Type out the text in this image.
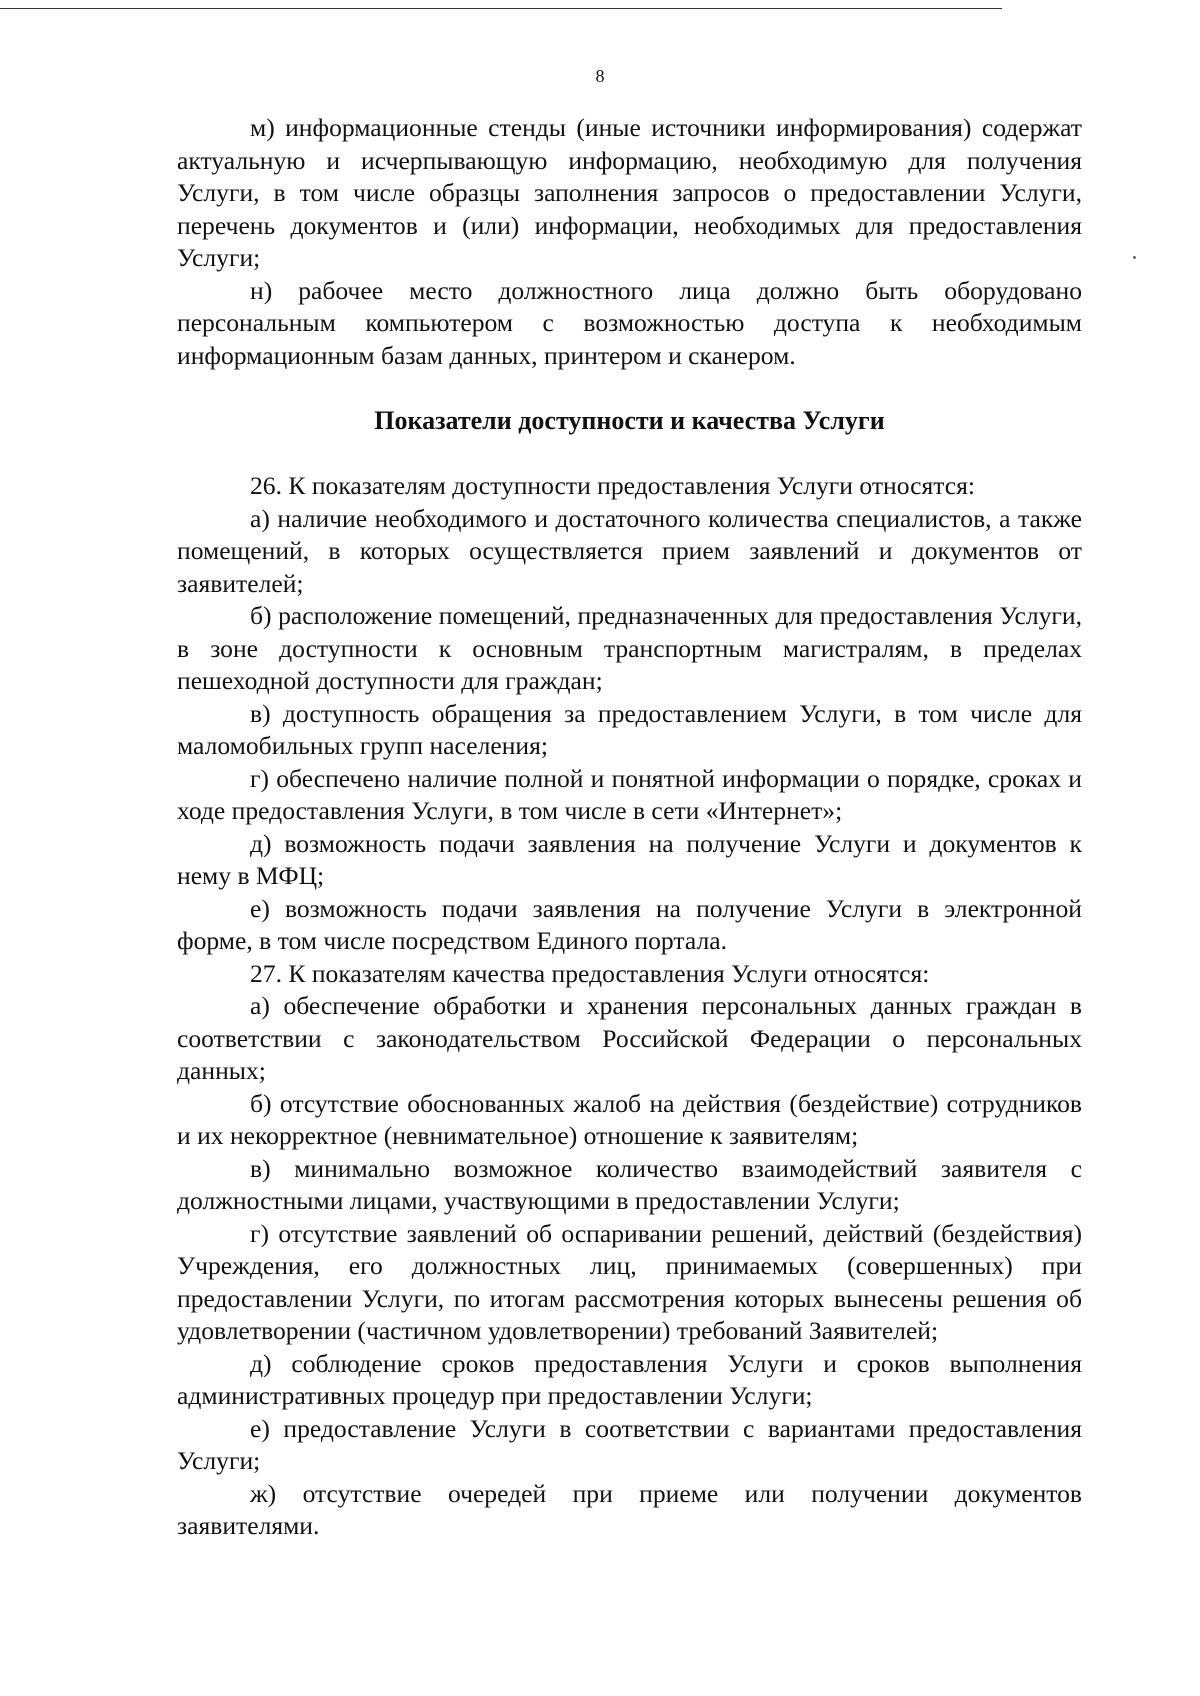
8

м) информационные стенды (иные источники информирования) содержат актуальную и исчерпывающую информацию, необходимую для получения Услуги, в том числе образцы заполнения запросов о предоставлении Услуги, перечень документов и (или) информации, необходимых для предоставления Услуги;

н) рабочее место должностного лица должно быть оборудовано персональным компьютером с возможностью доступа к необходимым информационным базам данных, принтером и сканером.

Показатели доступности и качества Услуги

26. К показателям доступности предоставления Услуги относятся:

а) наличие необходимого и достаточного количества специалистов, а также помещений, в которых осуществляется прием заявлений и документов от заявителей;

б) расположение помещений, предназначенных для предоставления Услуги, в зоне доступности к основным транспортным магистралям, в пределах пешеходной доступности для граждан;

в) доступность обращения за предоставлением Услуги, в том числе для маломобильных групп населения;

г) обеспечено наличие полной и понятной информации о порядке, сроках и ходе предоставления Услуги, в том числе в сети «Интернет»;

д) возможность подачи заявления на получение Услуги и документов к нему в МФЦ;

е) возможность подачи заявления на получение Услуги в электронной форме, в том числе посредством Единого портала.

27. К показателям качества предоставления Услуги относятся:

а) обеспечение обработки и хранения персональных данных граждан в соответствии с законодательством Российской Федерации о персональных данных;

б) отсутствие обоснованных жалоб на действия (бездействие) сотрудников и их некорректное (невнимательное) отношение к заявителям;

в) минимально возможное количество взаимодействий заявителя с должностными лицами, участвующими в предоставлении Услуги;

г) отсутствие заявлений об оспаривании решений, действий (бездействия) Учреждения, его должностных лиц, принимаемых (совершенных) при предоставлении Услуги, по итогам рассмотрения которых вынесены решения об удовлетворении (частичном удовлетворении) требований Заявителей;

д) соблюдение сроков предоставления Услуги и сроков выполнения административных процедур при предоставлении Услуги;

е) предоставление Услуги в соответствии с вариантами предоставления Услуги;

ж) отсутствие очередей при приеме или получении документов заявителями.
